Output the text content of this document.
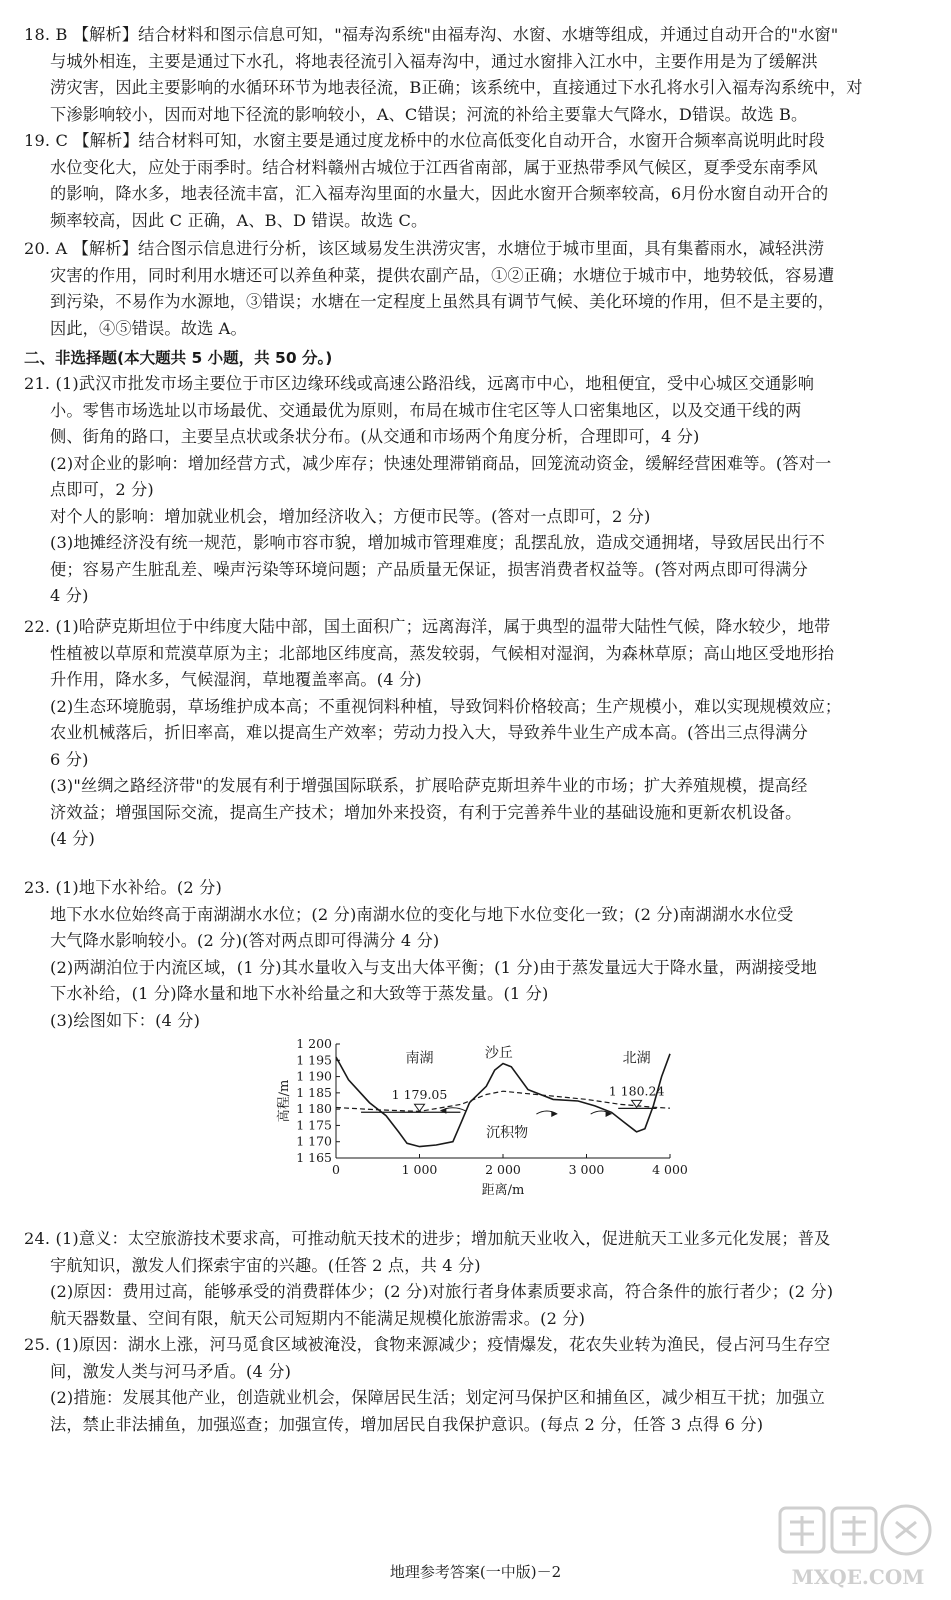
18. B 【解析】结合材料和图示信息可知，"福寿沟系统"由福寿沟、水窗、水塘等组成，并通过自动开合的"水窗"
与城外相连，主要是通过下水孔，将地表径流引入福寿沟中，通过水窗排入江水中，主要作用是为了缓解洪
涝灾害，因此主要影响的水循环环节为地表径流，B正确；该系统中，直接通过下水孔将水引入福寿沟系统中，对
下渗影响较小，因而对地下径流的影响较小，A、C错误；河流的补给主要靠大气降水，D错误。故选 B。
19. C 【解析】结合材料可知，水窗主要是通过度龙桥中的水位高低变化自动开合，水窗开合频率高说明此时段
水位变化大，应处于雨季时。结合材料赣州古城位于江西省南部，属于亚热带季风气候区，夏季受东南季风
的影响，降水多，地表径流丰富，汇入福寿沟里面的水量大，因此水窗开合频率较高，6月份水窗自动开合的
频率较高，因此 C 正确，A、B、D 错误。故选 C。
20. A 【解析】结合图示信息进行分析，该区域易发生洪涝灾害，水塘位于城市里面，具有集蓄雨水，减轻洪涝
灾害的作用，同时利用水塘还可以养鱼种菜，提供农副产品，①②正确；水塘位于城市中，地势较低，容易遭
到污染，不易作为水源地，③错误；水塘在一定程度上虽然具有调节气候、美化环境的作用，但不是主要的，
因此，④⑤错误。故选 A。
二、非选择题(本大题共 5 小题，共 50 分。)
21. (1)武汉市批发市场主要位于市区边缘环线或高速公路沿线，远离市中心，地租便宜，受中心城区交通影响
小。零售市场选址以市场最优、交通最优为原则，布局在城市住宅区等人口密集地区，以及交通干线的两
侧、街角的路口，主要呈点状或条状分布。(从交通和市场两个角度分析，合理即可，4 分)
(2)对企业的影响：增加经营方式，减少库存；快速处理滞销商品，回笼流动资金，缓解经营困难等。(答对一
点即可，2 分)
对个人的影响：增加就业机会，增加经济收入；方便市民等。(答对一点即可，2 分)
(3)地摊经济没有统一规范，影响市容市貌，增加城市管理难度；乱摆乱放，造成交通拥堵，导致居民出行不
便；容易产生脏乱差、噪声污染等环境问题；产品质量无保证，损害消费者权益等。(答对两点即可得满分
4 分)
22. (1)哈萨克斯坦位于中纬度大陆中部，国土面积广；远离海洋，属于典型的温带大陆性气候，降水较少，地带
性植被以草原和荒漠草原为主；北部地区纬度高，蒸发较弱，气候相对湿润，为森林草原；高山地区受地形抬
升作用，降水多，气候湿润，草地覆盖率高。(4 分)
(2)生态环境脆弱，草场维护成本高；不重视饲料种植，导致饲料价格较高；生产规模小，难以实现规模效应；
农业机械落后，折旧率高，难以提高生产效率；劳动力投入大，导致养牛业生产成本高。(答出三点得满分
6 分)
(3)"丝绸之路经济带"的发展有利于增强国际联系，扩展哈萨克斯坦养牛业的市场；扩大养殖规模，提高经
济效益；增强国际交流，提高生产技术；增加外来投资，有利于完善养牛业的基础设施和更新农机设备。
(4 分)
23. (1)地下水补给。(2 分)
地下水水位始终高于南湖湖水水位；(2 分)南湖水位的变化与地下水位变化一致；(2 分)南湖湖水水位受
大气降水影响较小。(2 分)(答对两点即可得满分 4 分)
(2)两湖泊位于内流区域，(1 分)其水量收入与支出大体平衡；(1 分)由于蒸发量远大于降水量，两湖接受地
下水补给，(1 分)降水量和地下水补给量之和大致等于蒸发量。(1 分)
(3)绘图如下：(4 分)
1 165
1 170
1 175
1 180
1 185
1 190
1 195
1 200
0	1 000	2 000	3 000	4 000
高程/m
距离/m
1 179.05	1 180.24
南湖	沙丘	北湖
沉积物
24. (1)意义：太空旅游技术要求高，可推动航天技术的进步；增加航天业收入，促进航天工业多元化发展；普及
宇航知识，激发人们探索宇宙的兴趣。(任答 2 点，共 4 分)
(2)原因：费用过高，能够承受的消费群体少；(2 分)对旅行者身体素质要求高，符合条件的旅行者少；(2 分)
航天器数量、空间有限，航天公司短期内不能满足规模化旅游需求。(2 分)
25. (1)原因：湖水上涨，河马觅食区域被淹没，食物来源减少；疫情爆发，花农失业转为渔民，侵占河马生存空
间，激发人类与河马矛盾。(4 分)
(2)措施：发展其他产业，创造就业机会，保障居民生活；划定河马保护区和捕鱼区，减少相互干扰；加强立
法，禁止非法捕鱼，加强巡查；加强宣传，增加居民自我保护意识。(每点 2 分，任答 3 点得 6 分)
MXQE.COM
地理参考答案(一中版)－2
